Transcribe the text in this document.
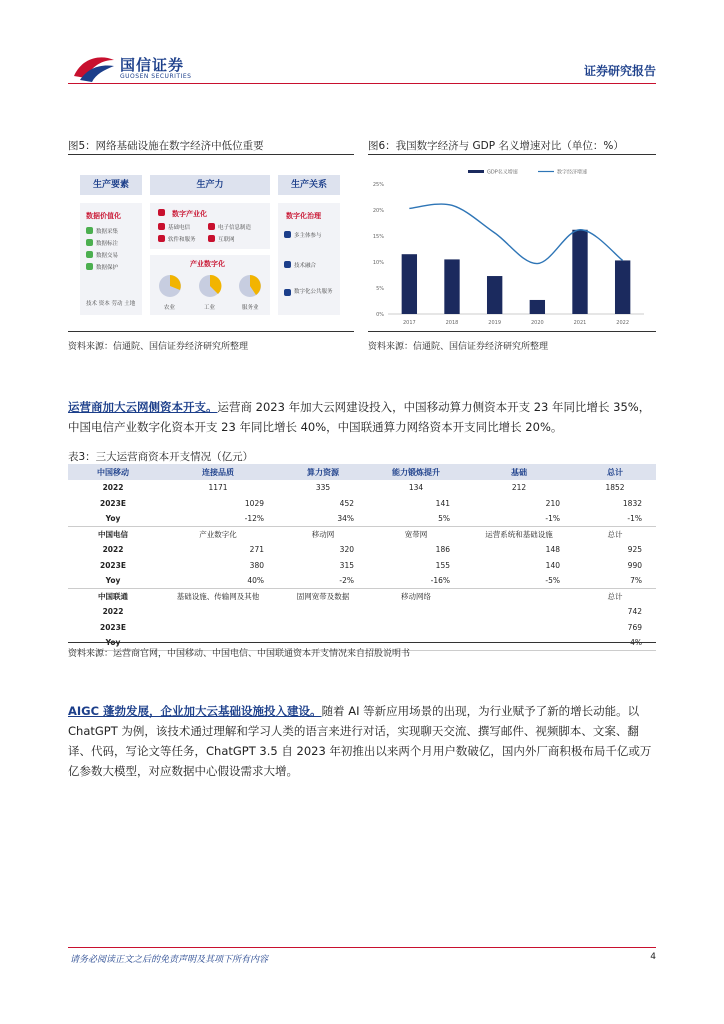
国信证券
GUOSEN SECURITIES	证券研究报告
图5：网络基础设施在数字经济中低位重要
生产要素	生产力	生产关系
数据价值化
数据采集
数据标注
数据交易
数据保护
技术 资本 劳动 土地
数字产业化
基础电信	电子信息制造
软件和服务	互联网
产业数字化
农业	工业	服务业
数字化治理
多主体参与
技术融合
数字化公共服务
资料来源：信通院、国信证券经济研究所整理
图6：我国数字经济与 GDP 名义增速对比（单位：%）
0%
5%
10%
15%
20%
25%
2017	2018	2019	2020	2021	2022
GDP名义增速	数字经济增速
资料来源：信通院、国信证券经济研究所整理
运营商加大云网侧资本开支。运营商 2023 年加大云网建设投入，中国移动算力侧资本开支 23 年同比增长 35%，中国电信产业数字化资本开支 23 年同比增长 40%，中国联通算力网络资本开支同比增长 20%。
表3：三大运营商资本开支情况（亿元）
中国移动	连接品质	算力资源	能力锻炼提升	基础	总计
2022	1171	335	134	212	1852
2023E	1029	452	141	210	1832
Yoy	-12%	34%	5%	-1%	-1%
中国电信	产业数字化	移动网	宽带网	运营系统和基础设施	总计
2022	271	320	186	148	925
2023E	380	315	155	140	990
Yoy	40%	-2%	-16%	-5%	7%
中国联通	基础设施、传输网及其他	固网宽带及数据	移动网络		总计
2022					742
2023E					769
Yoy					4%
资料来源：运营商官网，中国移动、中国电信、中国联通资本开支情况来自招股说明书
AIGC 蓬勃发展，企业加大云基础设施投入建设。随着 AI 等新应用场景的出现，为行业赋予了新的增长动能。以 ChatGPT 为例，该技术通过理解和学习人类的语言来进行对话，实现聊天交流、撰写邮件、视频脚本、文案、翻译、代码，写论文等任务，ChatGPT 3.5 自 2023 年初推出以来两个月用户数破亿，国内外厂商积极布局千亿或万亿参数大模型，对应数据中心假设需求大增。
请务必阅读正文之后的免责声明及其项下所有内容	4
